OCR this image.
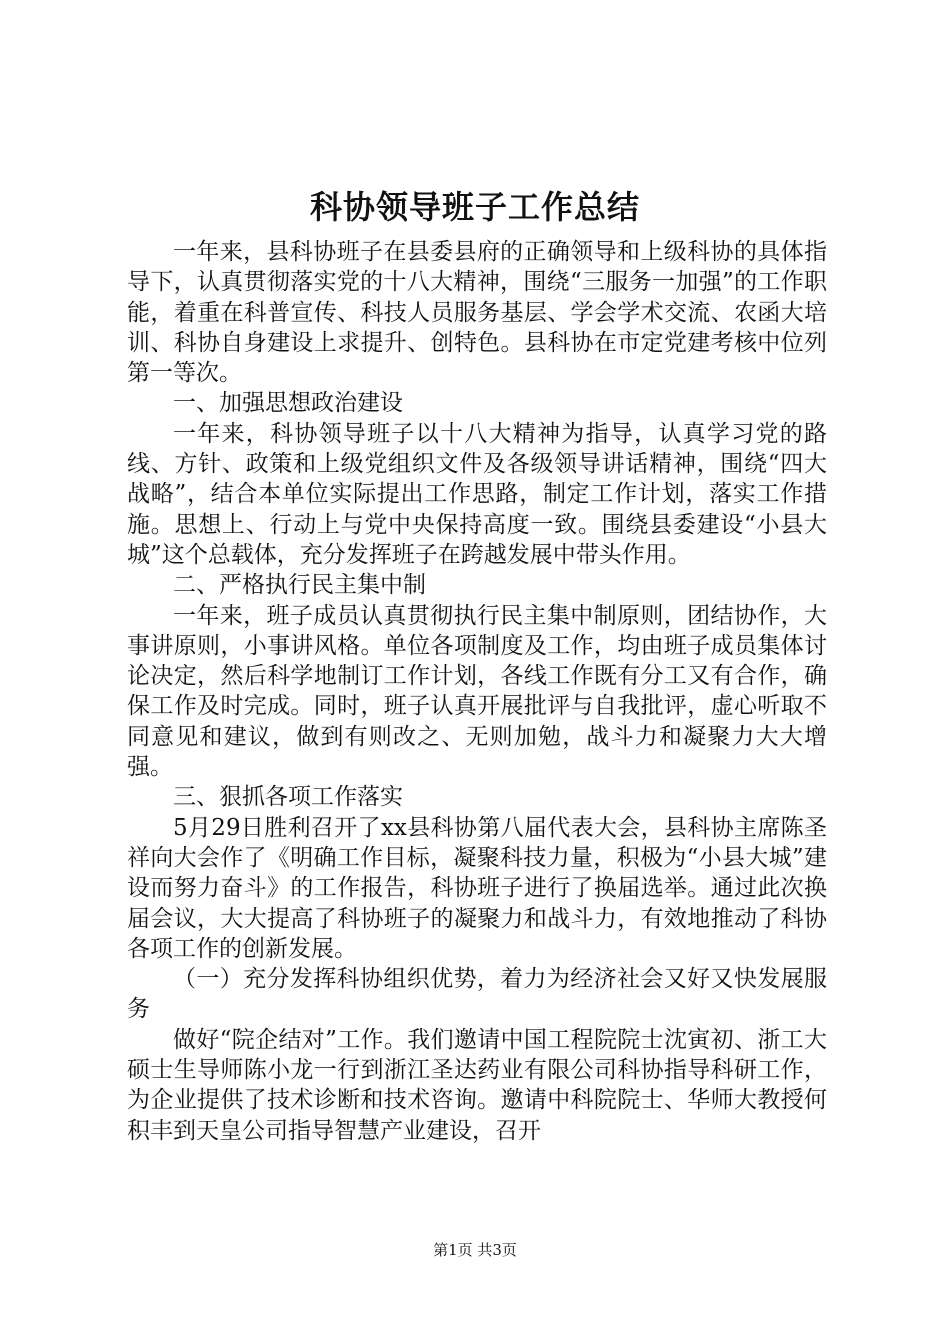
科协领导班子工作总结

一年来，县科协班子在县委县府的正确领导和上级科协的具体指导下，认真贯彻落实党的十八大精神，围绕“三服务一加强”的工作职能，着重在科普宣传、科技人员服务基层、学会学术交流、农函大培训、科协自身建设上求提升、创特色。县科协在市定党建考核中位列第一等次。

一、加强思想政治建设

一年来，科协领导班子以十八大精神为指导，认真学习党的路线、方针、政策和上级党组织文件及各级领导讲话精神，围绕“四大战略”，结合本单位实际提出工作思路，制定工作计划，落实工作措施。思想上、行动上与党中央保持高度一致。围绕县委建设“小县大城”这个总载体，充分发挥班子在跨越发展中带头作用。

二、严格执行民主集中制

一年来，班子成员认真贯彻执行民主集中制原则，团结协作，大事讲原则，小事讲风格。单位各项制度及工作，均由班子成员集体讨论决定，然后科学地制订工作计划，各线工作既有分工又有合作，确保工作及时完成。同时，班子认真开展批评与自我批评，虚心听取不同意见和建议，做到有则改之、无则加勉，战斗力和凝聚力大大增强。

三、狠抓各项工作落实

5月29日胜利召开了xx县科协第八届代表大会，县科协主席陈圣祥向大会作了《明确工作目标，凝聚科技力量，积极为“小县大城”建设而努力奋斗》的工作报告，科协班子进行了换届选举。通过此次换届会议，大大提高了科协班子的凝聚力和战斗力，有效地推动了科协各项工作的创新发展。

（一）充分发挥科协组织优势，着力为经济社会又好又快发展服务

做好“院企结对”工作。我们邀请中国工程院院士沈寅初、浙工大硕士生导师陈小龙一行到浙江圣达药业有限公司科协指导科研工作，为企业提供了技术诊断和技术咨询。邀请中科院院士、华师大教授何积丰到天皇公司指导智慧产业建设，召开

第1页 共3页
